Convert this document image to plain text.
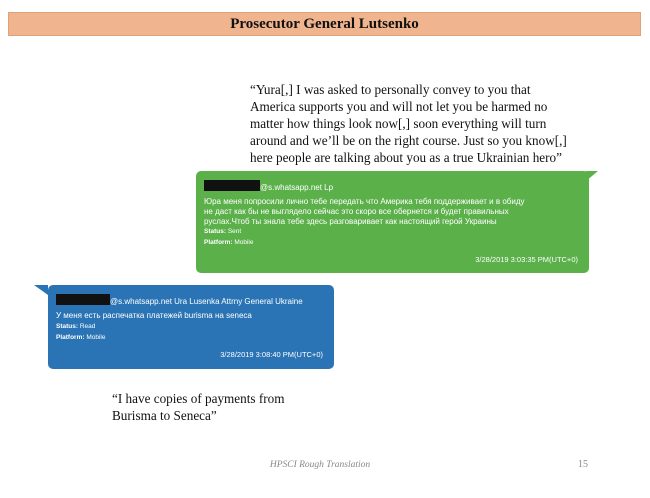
Prosecutor General Lutsenko
“Yura[,] I was asked to personally convey to you that
America supports you and will not let you be harmed no
matter how things look now[,] soon everything will turn
around and we’ll be on the right course. Just so you know[,]
here people are talking about you as a true Ukrainian hero”
@s.whatsapp.net Lp
Юра меня попросили лично тебе передать что Америка тебя поддерживает и в обиду
не даст как бы не выглядело сейчас это скоро все обернется и будет правильных
руслах.Чтоб ты знала тебе здесь разговаривает как настоящий герой Украины
Status: Sent
Platform: Mobile
3/28/2019 3:03:35 PM(UTC+0)
@s.whatsapp.net Ura Lusenka Attrny General Ukraine
У меня есть распечатка платежей burisma на seneca
Status: Read
Platform: Mobile
3/28/2019 3:08:40 PM(UTC+0)
“I have copies of payments from
Burisma to Seneca”
HPSCI Rough Translation	15
